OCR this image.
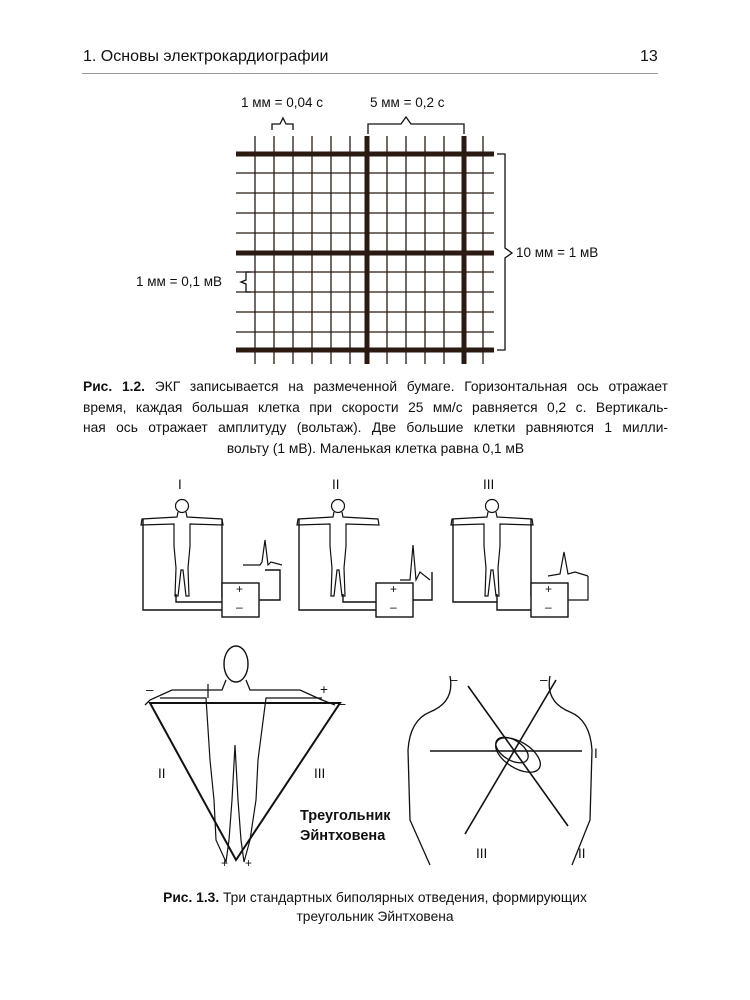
1. Основы электрокардиографии	13
1 мм = 0,04 с	5 мм = 0,2 с
10 мм = 1 мВ
1 мм = 0,1 мВ
Рис. 1.2. ЭКГ записывается на размеченной бумаге. Горизонтальная ось отражает
время, каждая большая клетка при скорости 25 мм/с равняется 0,2 с. Вертикаль-
ная ось отражает амплитуду (вольтаж). Две большие клетки равняются 1 милли-
вольту (1 мВ). Маленькая клетка равна 0,1 мВ
I
+
–
II
+
–
III
+
–
–
–
+
+ +
II	III
Треугольник
Эйнтховена
–	–
I
III	II
Рис. 1.3. Три стандартных биполярных отведения, формирующих
треугольник Эйнтховена
